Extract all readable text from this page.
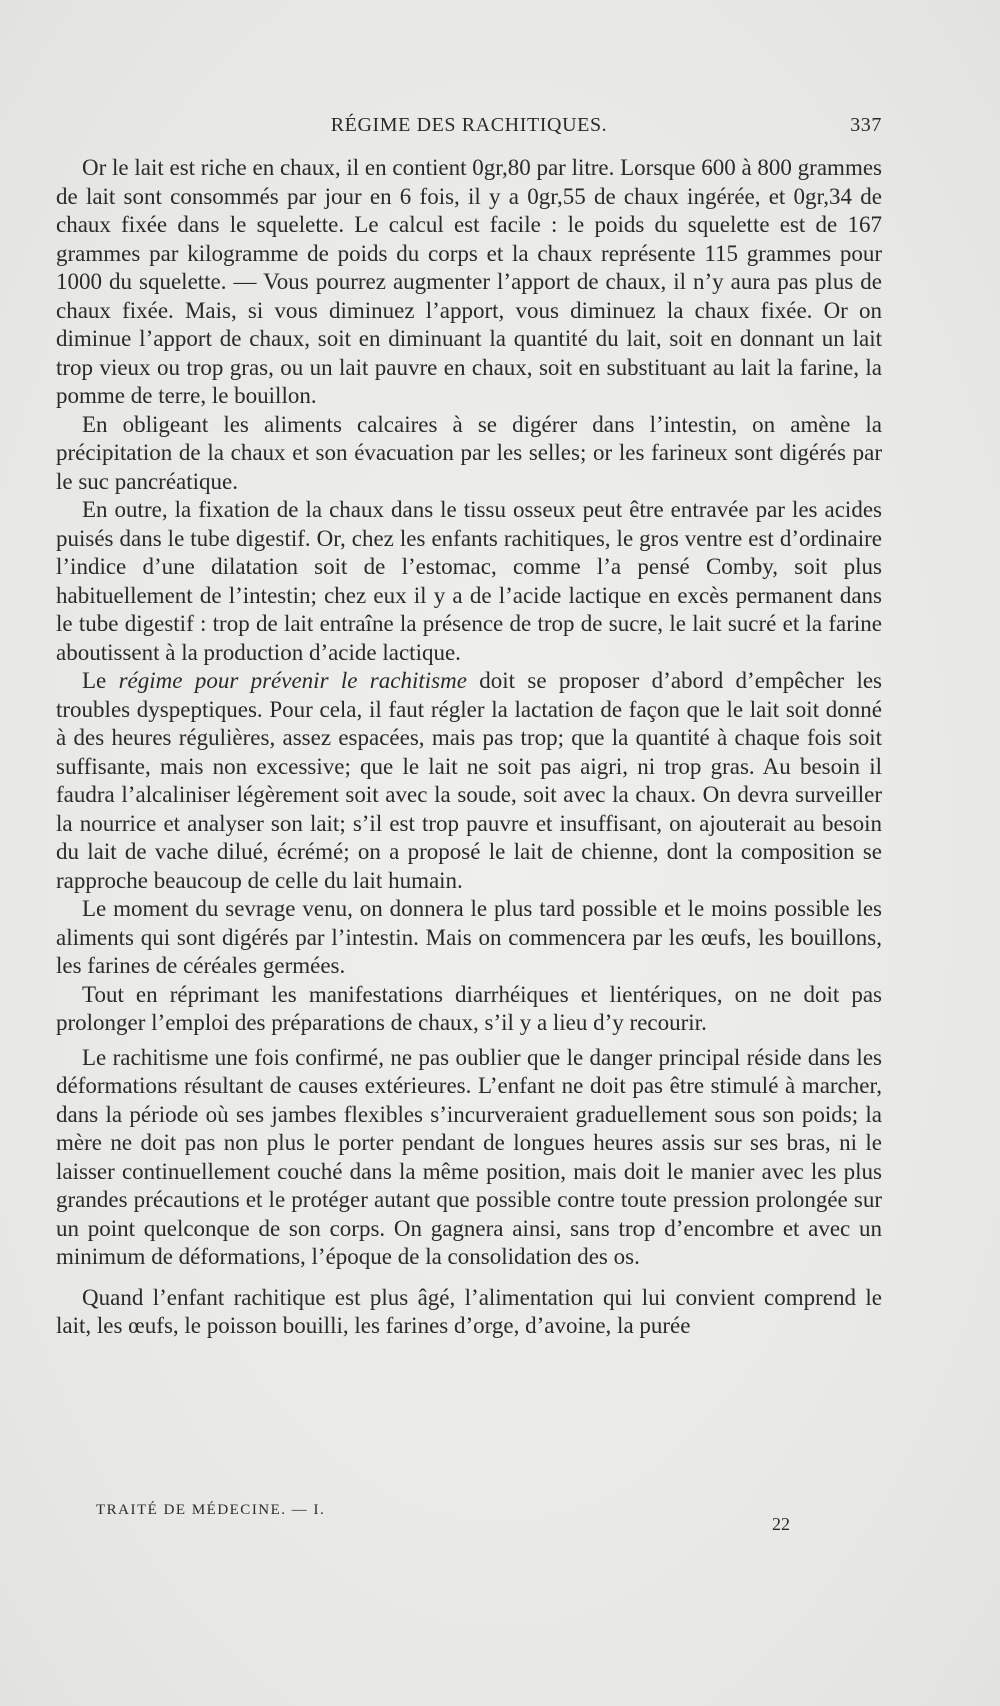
RÉGIME DES RACHITIQUES.	337

Or le lait est riche en chaux, il en contient 0gr,80 par litre. Lorsque 600 à 800 grammes de lait sont consommés par jour en 6 fois, il y a 0gr,55 de chaux ingérée, et 0gr,34 de chaux fixée dans le squelette. Le calcul est facile : le poids du squelette est de 167 grammes par kilogramme de poids du corps et la chaux représente 115 grammes pour 1000 du squelette. — Vous pourrez augmenter l’apport de chaux, il n’y aura pas plus de chaux fixée. Mais, si vous diminuez l’apport, vous diminuez la chaux fixée. Or on diminue l’apport de chaux, soit en diminuant la quantité du lait, soit en donnant un lait trop vieux ou trop gras, ou un lait pauvre en chaux, soit en substituant au lait la farine, la pomme de terre, le bouillon.

En obligeant les aliments calcaires à se digérer dans l’intestin, on amène la précipitation de la chaux et son évacuation par les selles; or les farineux sont digérés par le suc pancréatique.

En outre, la fixation de la chaux dans le tissu osseux peut être entravée par les acides puisés dans le tube digestif. Or, chez les enfants rachitiques, le gros ventre est d’ordinaire l’indice d’une dilatation soit de l’estomac, comme l’a pensé Comby, soit plus habituellement de l’intestin; chez eux il y a de l’acide lactique en excès permanent dans le tube digestif : trop de lait entraîne la présence de trop de sucre, le lait sucré et la farine aboutissent à la production d’acide lactique.

Le régime pour prévenir le rachitisme doit se proposer d’abord d’empêcher les troubles dyspeptiques. Pour cela, il faut régler la lactation de façon que le lait soit donné à des heures régulières, assez espacées, mais pas trop; que la quantité à chaque fois soit suffisante, mais non excessive; que le lait ne soit pas aigri, ni trop gras. Au besoin il faudra l’alcaliniser légèrement soit avec la soude, soit avec la chaux. On devra surveiller la nourrice et analyser son lait; s’il est trop pauvre et insuffisant, on ajouterait au besoin du lait de vache dilué, écrémé; on a proposé le lait de chienne, dont la composition se rapproche beaucoup de celle du lait humain.

Le moment du sevrage venu, on donnera le plus tard possible et le moins possible les aliments qui sont digérés par l’intestin. Mais on commencera par les œufs, les bouillons, les farines de céréales germées.

Tout en réprimant les manifestations diarrhéiques et lientériques, on ne doit pas prolonger l’emploi des préparations de chaux, s’il y a lieu d’y recourir.

Le rachitisme une fois confirmé, ne pas oublier que le danger principal réside dans les déformations résultant de causes extérieures. L’enfant ne doit pas être stimulé à marcher, dans la période où ses jambes flexibles s’incurveraient graduellement sous son poids; la mère ne doit pas non plus le porter pendant de longues heures assis sur ses bras, ni le laisser continuellement couché dans la même position, mais doit le manier avec les plus grandes précautions et le protéger autant que possible contre toute pression prolongée sur un point quelconque de son corps. On gagnera ainsi, sans trop d’encombre et avec un minimum de déformations, l’époque de la consolidation des os.

Quand l’enfant rachitique est plus âgé, l’alimentation qui lui convient comprend le lait, les œufs, le poisson bouilli, les farines d’orge, d’avoine, la purée

TRAITÉ DE MÉDECINE. — I.
22
